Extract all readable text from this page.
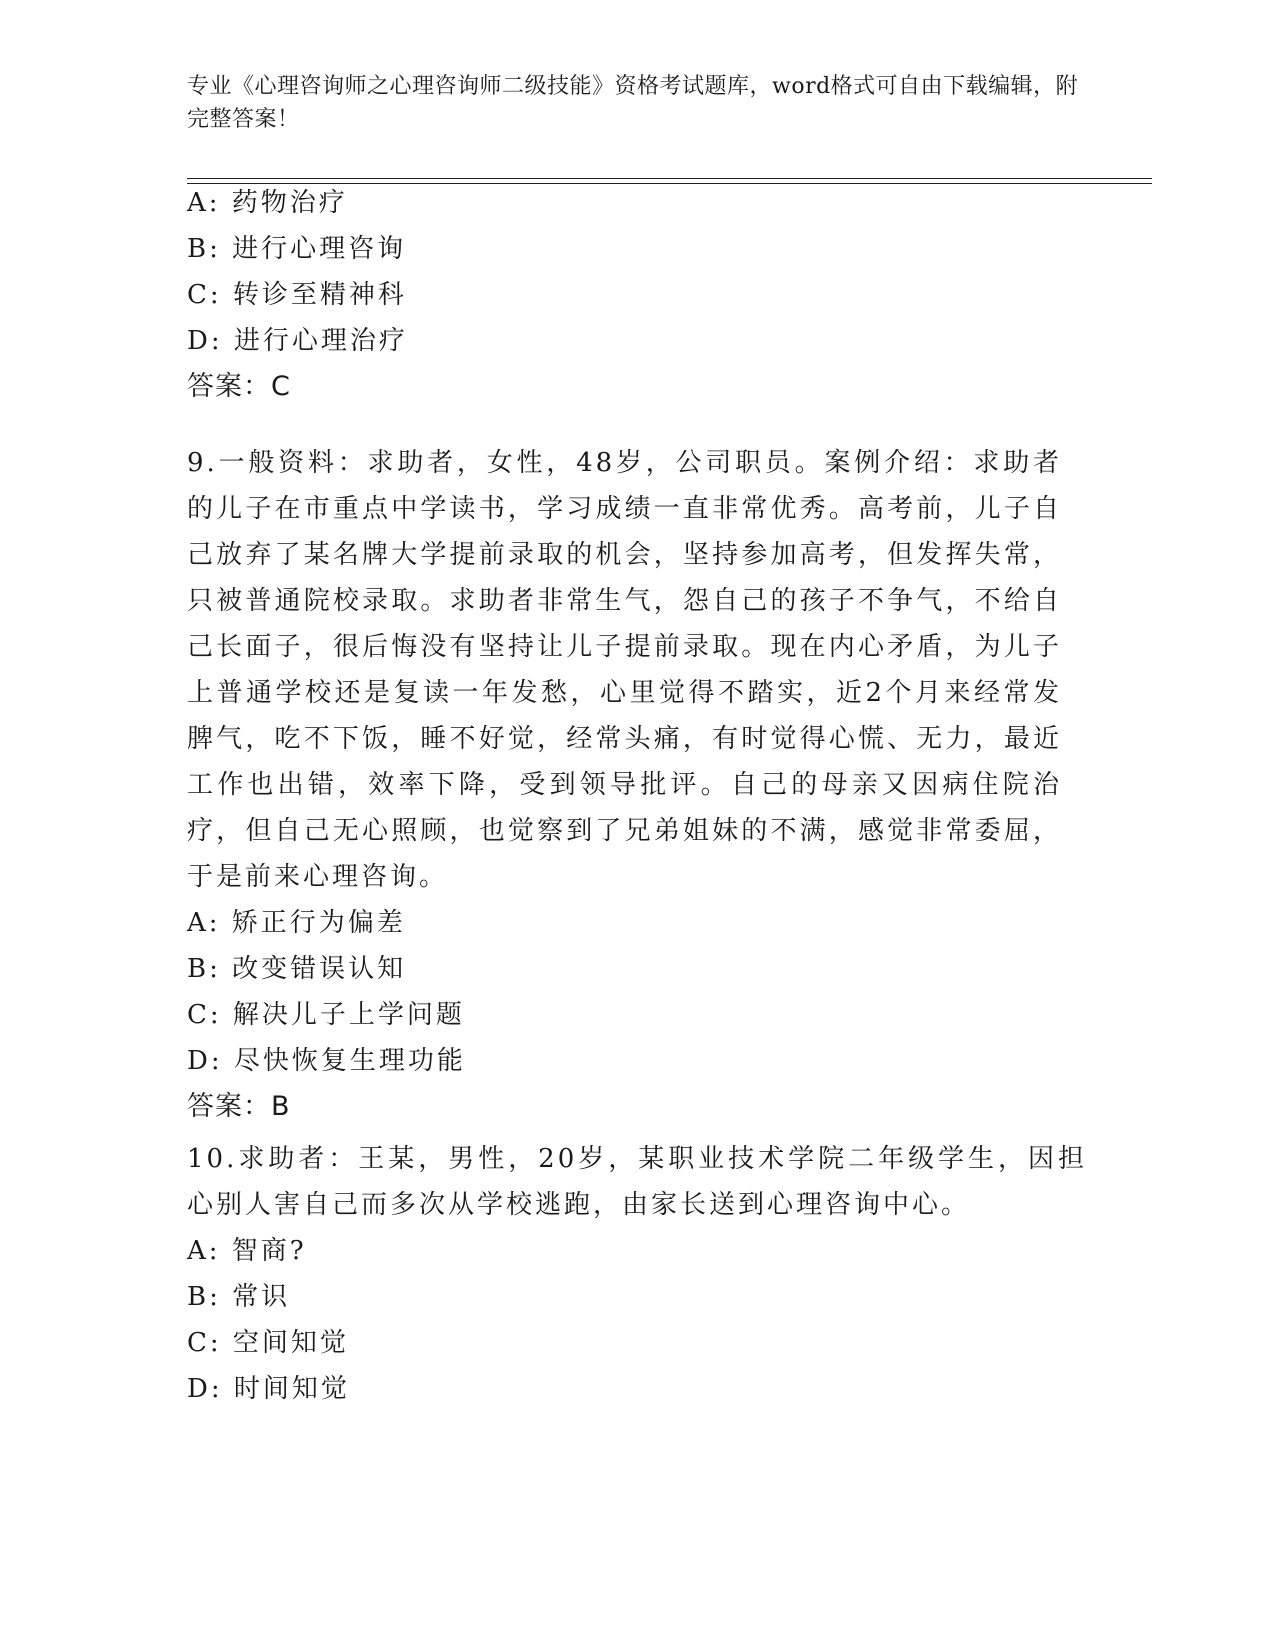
专业《心理咨询师之心理咨询师二级技能》资格考试题库，word格式可自由下载编辑，附完整答案！
A: 药物治疗
B: 进行心理咨询
C: 转诊至精神科
D: 进行心理治疗
答案：C
9.一般资料：求助者，女性，48岁，公司职员。案例介绍：求助者的儿子在市重点中学读书，学习成绩一直非常优秀。高考前，儿子自己放弃了某名牌大学提前录取的机会，坚持参加高考，但发挥失常，只被普通院校录取。求助者非常生气，怨自己的孩子不争气，不给自己长面子，很后悔没有坚持让儿子提前录取。现在内心矛盾，为儿子上普通学校还是复读一年发愁，心里觉得不踏实，近2个月来经常发脾气，吃不下饭，睡不好觉，经常头痛，有时觉得心慌、无力，最近工作也出错，效率下降，受到领导批评。自己的母亲又因病住院治疗，但自己无心照顾，也觉察到了兄弟姐妹的不满，感觉非常委屈，于是前来心理咨询。
A: 矫正行为偏差
B: 改变错误认知
C: 解决儿子上学问题
D: 尽快恢复生理功能
答案：B
10.求助者：王某，男性，20岁，某职业技术学院二年级学生，因担心别人害自己而多次从学校逃跑，由家长送到心理咨询中心。
A: 智商?
B: 常识
C: 空间知觉
D: 时间知觉
